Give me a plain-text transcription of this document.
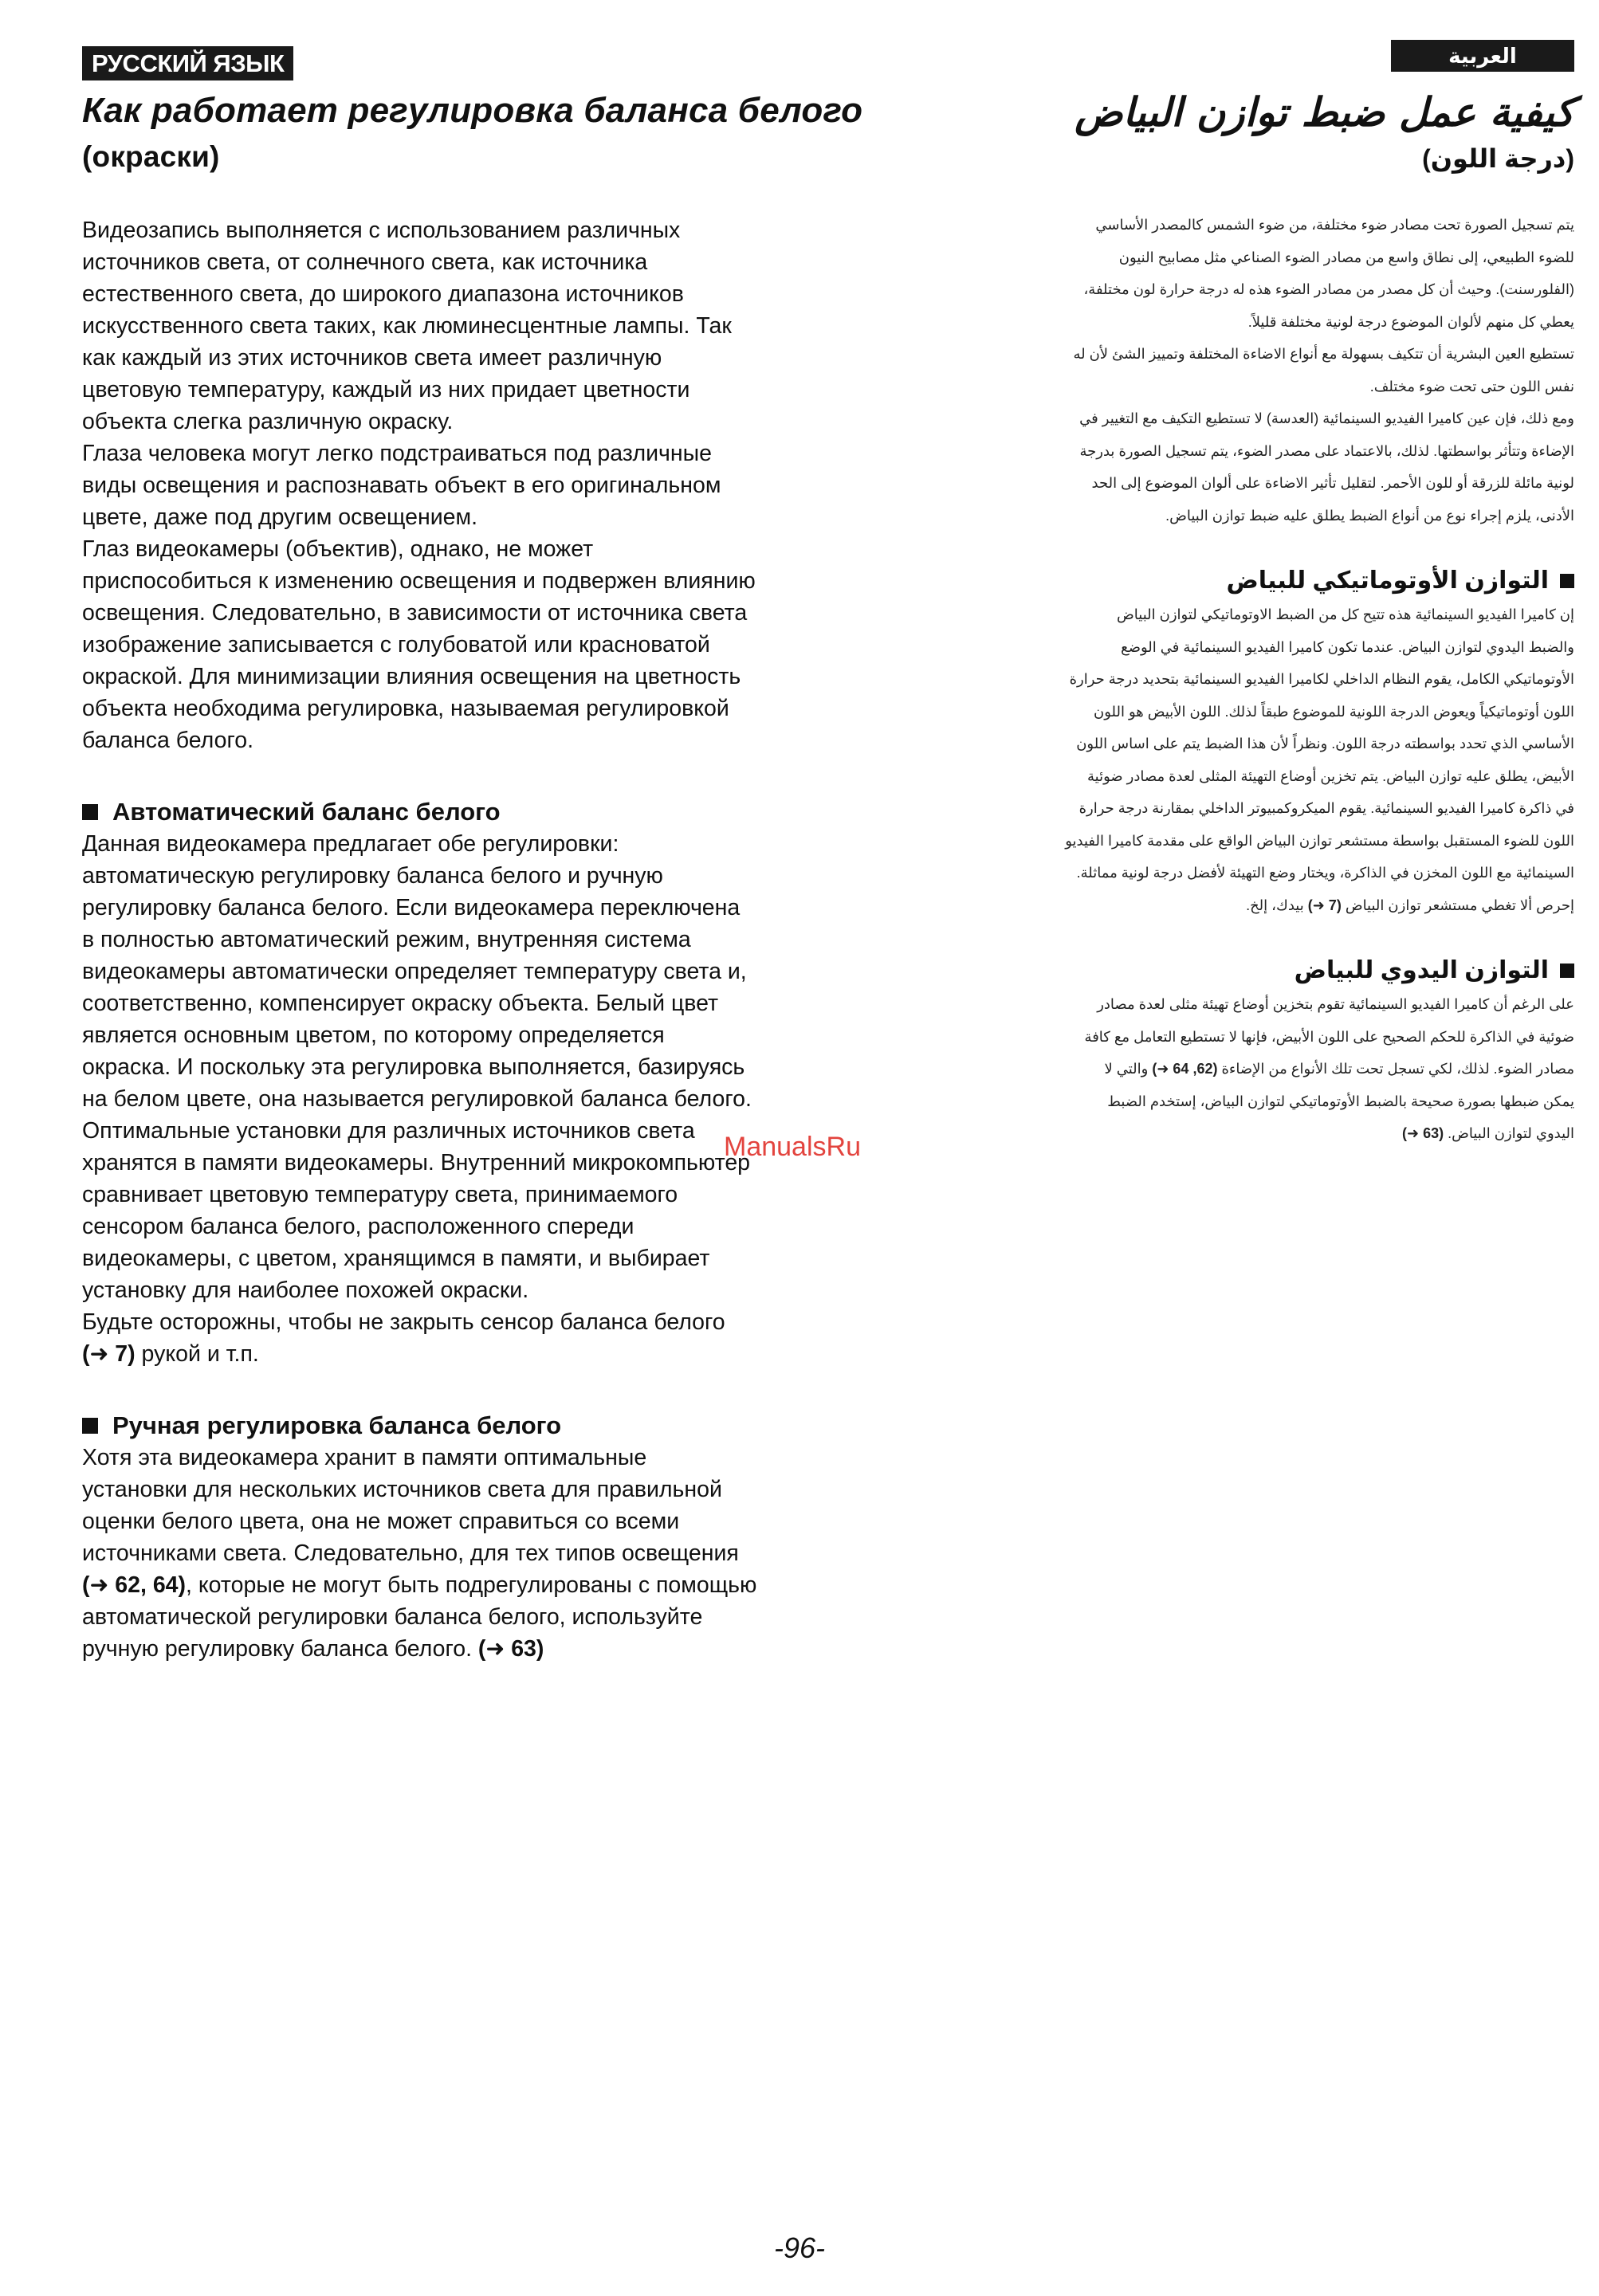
РУССКИЙ ЯЗЫК
Как работает регулировка баланса белого (окраски)

Видеозапись выполняется с использованием различных

источников света, от солнечного света, как источника

естественного света, до широкого диапазона источников

искусственного света таких, как люминесцентные лампы. Так

как каждый из этих источников света имеет различную

цветовую температуру, каждый из них придает цветности

объекта слегка различную окраску.

Глаза человека могут легко подстраиваться под различные

виды освещения и распознавать объект в его оригинальном

цвете, даже под другим освещением.

Глаз видеокамеры (объектив), однако, не может

приспособиться к изменению освещения и подвержен влиянию

освещения. Следовательно, в зависимости от источника света

изображение записывается с голубоватой или красноватой

окраской. Для минимизации влияния освещения на цветность

объекта необходима регулировка, называемая регулировкой

баланса белого.

Автоматический баланс белого

Данная видеокамера предлагает обе регулировки:

автоматическую регулировку баланса белого и ручную

регулировку баланса белого. Если видеокамера переключена

в полностью автоматический режим, внутренняя система

видеокамеры автоматически определяет температуру света и,

соответственно, компенсирует окраску объекта. Белый цвет

является основным цветом, по которому определяется

окраска. И поскольку эта регулировка выполняется, базируясь

на белом цвете, она называется регулировкой баланса белого.

Оптимальные установки для различных источников света

хранятся в памяти видеокамеры. Внутренний микрокомпьютер

сравнивает цветовую температуру света, принимаемого

сенсором баланса белого, расположенного спереди

видеокамеры, с цветом, хранящимся в памяти, и выбирает

установку для наиболее похожей окраски.

Будьте осторожны, чтобы не закрыть сенсор баланса белого

(➜ 7) рукой и т.п.

Ручная регулировка баланса белого

Хотя эта видеокамера хранит в памяти оптимальные

установки для нескольких источников света для правильной

оценки белого цвета, она не может справиться со всеми

источниками света. Следовательно, для тех типов освещения

(➜ 62, 64), которые не могут быть подрегулированы с помощью

автоматической регулировки баланса белого, используйте

ручную регулировку баланса белого. (➜ 63)

العربية
كيفية عمل ضبط توازن البياض
(درجة اللون)

يتم تسجيل الصورة تحت مصادر ضوء مختلفة، من ضوء الشمس كالمصدر الأساسي

للضوء الطبيعي، إلى نطاق واسع من مصادر الضوء الصناعي مثل مصابيح النيون

(الفلورسنت). وحيث أن كل مصدر من مصادر الضوء هذه له درجة حرارة لون مختلفة،

يعطي كل منهم لألوان الموضوع درجة لونية مختلفة قليلاً.

تستطيع العين البشرية أن تتكيف بسهولة مع أنواع الاضاءة المختلفة وتمييز الشئ لأن له

نفس اللون حتى تحت ضوء مختلف.

ومع ذلك، فإن عين كاميرا الفيديو السينمائية (العدسة) لا تستطيع التكيف مع التغيير في

الإضاءة وتتأثر بواسطتها. لذلك، بالاعتماد على مصدر الضوء، يتم تسجيل الصورة بدرجة

لونية مائلة للزرقة أو للون الأحمر. لتقليل تأثير الاضاءة على ألوان الموضوع إلى الحد

الأدنى، يلزم إجراء نوع من أنواع الضبط يطلق عليه ضبط توازن البياض.

التوازن الأوتوماتيكي للبياض

إن كاميرا الفيديو السينمائية هذه تتيح كل من الضبط الاوتوماتيكي لتوازن البياض

والضبط اليدوي لتوازن البياض. عندما تكون كاميرا الفيديو السينمائية في الوضع

الأوتوماتيكي الكامل، يقوم النظام الداخلي لكاميرا الفيديو السينمائية بتحديد درجة حرارة

اللون أوتوماتيكياً ويعوض الدرجة اللونية للموضوع طبقاً لذلك. اللون الأبيض هو اللون

الأساسي الذي تحدد بواسطته درجة اللون. ونظراً لأن هذا الضبط يتم على اساس اللون

الأبيض، يطلق عليه توازن البياض. يتم تخزين أوضاع التهيئة المثلى لعدة مصادر ضوئية

في ذاكرة كاميرا الفيديو السينمائية. يقوم الميكروكمبيوتر الداخلي بمقارنة درجة حرارة

اللون للضوء المستقبل بواسطة مستشعر توازن البياض الواقع على مقدمة كاميرا الفيديو

السينمائية مع اللون المخزن في الذاكرة، ويختار وضع التهيئة لأفضل درجة لونية مماثلة.

إحرص ألا تغطي مستشعر توازن البياض (7 ➜) بيدك، إلخ.

التوازن اليدوي للبياض

على الرغم أن كاميرا الفيديو السينمائية تقوم بتخزين أوضاع تهيئة مثلى لعدة مصادر

ضوئية في الذاكرة للحكم الصحيح على اللون الأبيض، فإنها لا تستطيع التعامل مع كافة

مصادر الضوء. لذلك، لكي تسجل تحت تلك الأنواع من الإضاءة (62, 64 ➜) والتي لا

يمكن ضبطها بصورة صحيحة بالضبط الأوتوماتيكي لتوازن البياض، إستخدم الضبط

اليدوي لتوازن البياض. (63 ➜)

ManualsRu
-96-
